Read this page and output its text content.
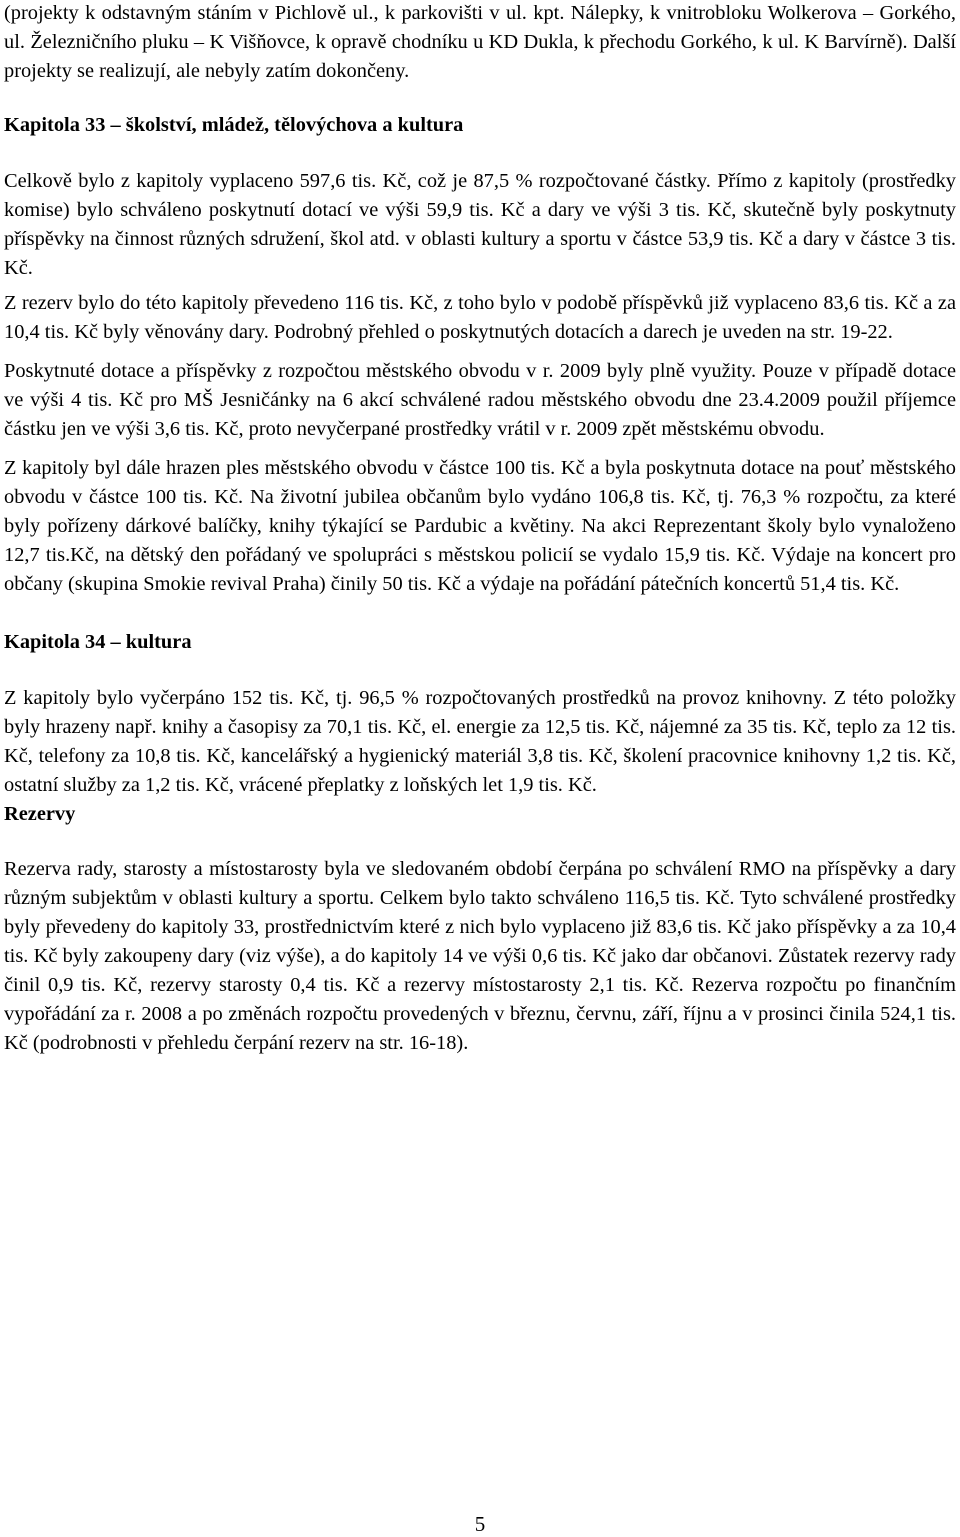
(projekty k odstavným stáním v Pichlově ul., k parkovišti v ul. kpt. Nálepky, k vnitrobloku Wolkerova – Gorkého, ul. Železničního pluku – K Višňovce, k opravě chodníku u KD Dukla, k přechodu Gorkého, k ul. K Barvírně). Další projekty se realizují, ale nebyly zatím dokončeny.

Kapitola 33 – školství, mládež, tělovýchova a kultura

Celkově bylo z kapitoly vyplaceno 597,6 tis. Kč, což je 87,5 % rozpočtované částky. Přímo z kapitoly (prostředky komise) bylo schváleno poskytnutí dotací ve výši 59,9 tis. Kč a dary ve výši 3 tis. Kč, skutečně byly poskytnuty příspěvky na činnost různých sdružení, škol atd. v oblasti kultury a sportu v částce 53,9 tis. Kč a dary v částce 3 tis. Kč.

Z rezerv bylo do této kapitoly převedeno 116 tis. Kč, z toho bylo v podobě příspěvků již vyplaceno 83,6 tis. Kč a za 10,4 tis. Kč byly věnovány dary. Podrobný přehled o poskytnutých dotacích a darech je uveden na str. 19-22.

Poskytnuté dotace a příspěvky z rozpočtou městského obvodu v r. 2009 byly plně využity. Pouze v případě dotace ve výši 4 tis. Kč pro MŠ Jesničánky na 6 akcí schválené radou městského obvodu dne 23.4.2009 použil příjemce částku jen ve výši 3,6 tis. Kč, proto nevyčerpané prostředky vrátil v r. 2009 zpět městskému obvodu.

Z kapitoly byl dále hrazen ples městského obvodu v částce 100 tis. Kč a byla poskytnuta dotace na pouť městského obvodu v částce 100 tis. Kč. Na životní jubilea občanům bylo vydáno 106,8 tis. Kč, tj. 76,3 % rozpočtu, za které byly pořízeny dárkové balíčky, knihy týkající se Pardubic a květiny. Na akci Reprezentant školy bylo vynaloženo 12,7 tis.Kč, na dětský den pořádaný ve spolupráci s městskou policií se vydalo 15,9 tis. Kč. Výdaje na koncert pro občany (skupina Smokie revival Praha) činily 50 tis. Kč a výdaje na pořádání pátečních koncertů 51,4 tis. Kč.

Kapitola 34 – kultura

Z kapitoly bylo vyčerpáno 152 tis. Kč, tj. 96,5 % rozpočtovaných prostředků na provoz knihovny. Z této položky byly hrazeny např. knihy a časopisy za 70,1 tis. Kč, el. energie za 12,5 tis. Kč, nájemné za 35 tis. Kč, teplo za 12 tis. Kč, telefony za 10,8 tis. Kč, kancelářský a hygienický materiál 3,8 tis. Kč, školení pracovnice knihovny 1,2 tis. Kč, ostatní služby za 1,2 tis. Kč, vrácené přeplatky z loňských let 1,9 tis. Kč.

Rezervy

Rezerva rady, starosty a místostarosty byla ve sledovaném období čerpána po schválení RMO na příspěvky a dary různým subjektům v oblasti kultury a sportu. Celkem bylo takto schváleno 116,5 tis. Kč. Tyto schválené prostředky byly převedeny do kapitoly 33, prostřednictvím které z nich bylo vyplaceno již 83,6 tis. Kč jako příspěvky a za 10,4 tis. Kč byly zakoupeny dary (viz výše), a do kapitoly 14 ve výši 0,6 tis. Kč jako dar občanovi. Zůstatek rezervy rady činil 0,9 tis. Kč, rezervy starosty 0,4 tis. Kč a rezervy místostarosty 2,1 tis. Kč. Rezerva rozpočtu po finančním vypořádání za r. 2008 a po změnách rozpočtu provedených v březnu, červnu, září, říjnu a v prosinci činila 524,1 tis. Kč (podrobnosti v přehledu čerpání rezerv na str. 16-18).

5
